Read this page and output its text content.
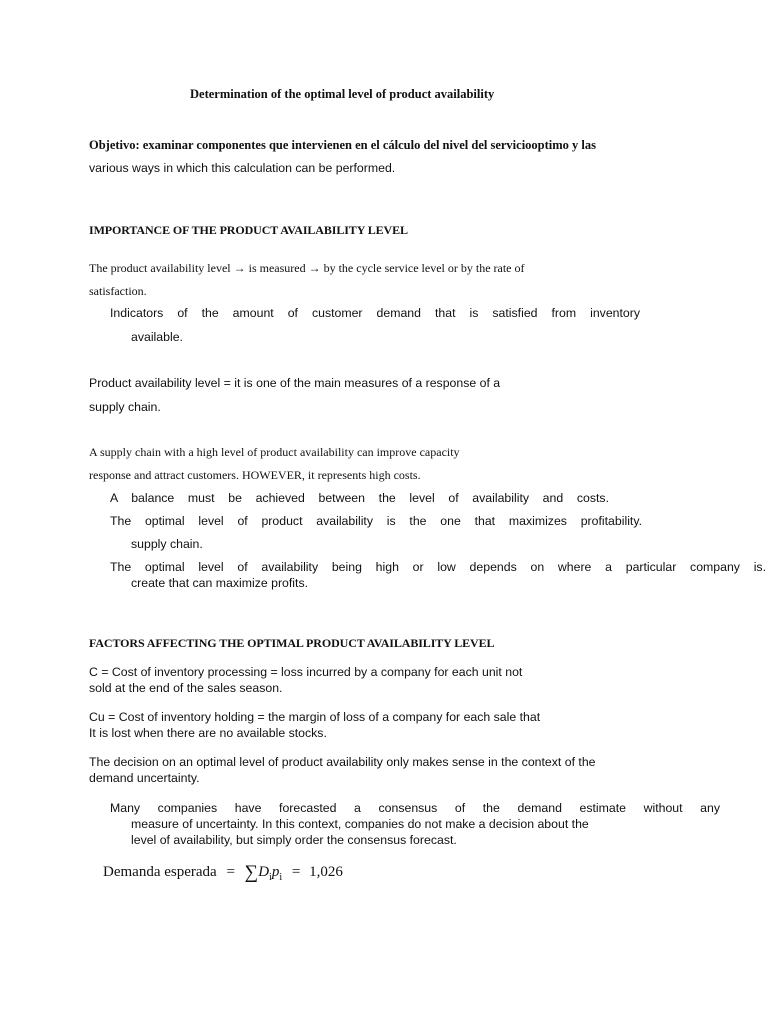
Determination of the optimal level of product availability
Objetivo: examinar componentes que intervienen en el cálculo del nivel del serviciooptimo y las
various ways in which this calculation can be performed.
IMPORTANCE OF THE PRODUCT AVAILABILITY LEVEL
The product availability level → is measured → by the cycle service level or by the rate of
satisfaction.
Indicators of the amount of customer demand that is satisfied from inventory
available.
Product availability level = it is one of the main measures of a response of a
supply chain.
A supply chain with a high level of product availability can improve capacity
response and attract customers. HOWEVER, it represents high costs.
A balance must be achieved between the level of availability and costs.
The optimal level of product availability is the one that maximizes profitability.
supply chain.
The optimal level of availability being high or low depends on where a particular company is.
create that can maximize profits.
FACTORS AFFECTING THE OPTIMAL PRODUCT AVAILABILITY LEVEL
C = Cost of inventory processing = loss incurred by a company for each unit not
sold at the end of the sales season.
Cu = Cost of inventory holding = the margin of loss of a company for each sale that
It is lost when there are no available stocks.
The decision on an optimal level of product availability only makes sense in the context of the
demand uncertainty.
Many companies have forecasted a consensus of the demand estimate without any
measure of uncertainty. In this context, companies do not make a decision about the
level of availability, but simply order the consensus forecast.
Demanda esperada = $\sum D_ip_i = 1,026$
